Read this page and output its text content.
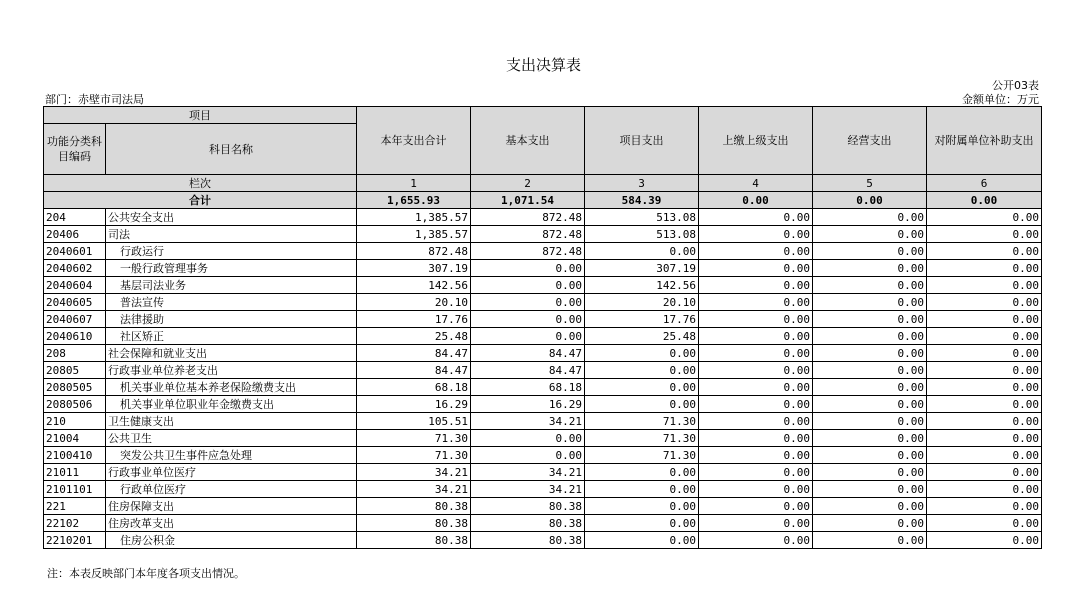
支出决算表
公开03表
部门：赤壁市司法局	金额单位：万元
项目		本年支出合计	基本支出	项目支出	上缴上级支出	经营支出	对附属单位补助支出
功能分类科目编码	科目名称						

栏次		1	2	3	4	5	6
合计		1,655.93	1,071.54	584.39	0.00	0.00	0.00
204	公共安全支出	1,385.57	872.48	513.08	0.00	0.00	0.00
20406	司法	1,385.57	872.48	513.08	0.00	0.00	0.00
2040601	行政运行	872.48	872.48	0.00	0.00	0.00	0.00
2040602	一般行政管理事务	307.19	0.00	307.19	0.00	0.00	0.00
2040604	基层司法业务	142.56	0.00	142.56	0.00	0.00	0.00
2040605	普法宣传	20.10	0.00	20.10	0.00	0.00	0.00
2040607	法律援助	17.76	0.00	17.76	0.00	0.00	0.00
2040610	社区矫正	25.48	0.00	25.48	0.00	0.00	0.00
208	社会保障和就业支出	84.47	84.47	0.00	0.00	0.00	0.00
20805	行政事业单位养老支出	84.47	84.47	0.00	0.00	0.00	0.00
2080505	机关事业单位基本养老保险缴费支出	68.18	68.18	0.00	0.00	0.00	0.00
2080506	机关事业单位职业年金缴费支出	16.29	16.29	0.00	0.00	0.00	0.00
210	卫生健康支出	105.51	34.21	71.30	0.00	0.00	0.00
21004	公共卫生	71.30	0.00	71.30	0.00	0.00	0.00
2100410	突发公共卫生事件应急处理	71.30	0.00	71.30	0.00	0.00	0.00
21011	行政事业单位医疗	34.21	34.21	0.00	0.00	0.00	0.00
2101101	行政单位医疗	34.21	34.21	0.00	0.00	0.00	0.00
221	住房保障支出	80.38	80.38	0.00	0.00	0.00	0.00
22102	住房改革支出	80.38	80.38	0.00	0.00	0.00	0.00
2210201	住房公积金	80.38	80.38	0.00	0.00	0.00	0.00
注：本表反映部门本年度各项支出情况。
